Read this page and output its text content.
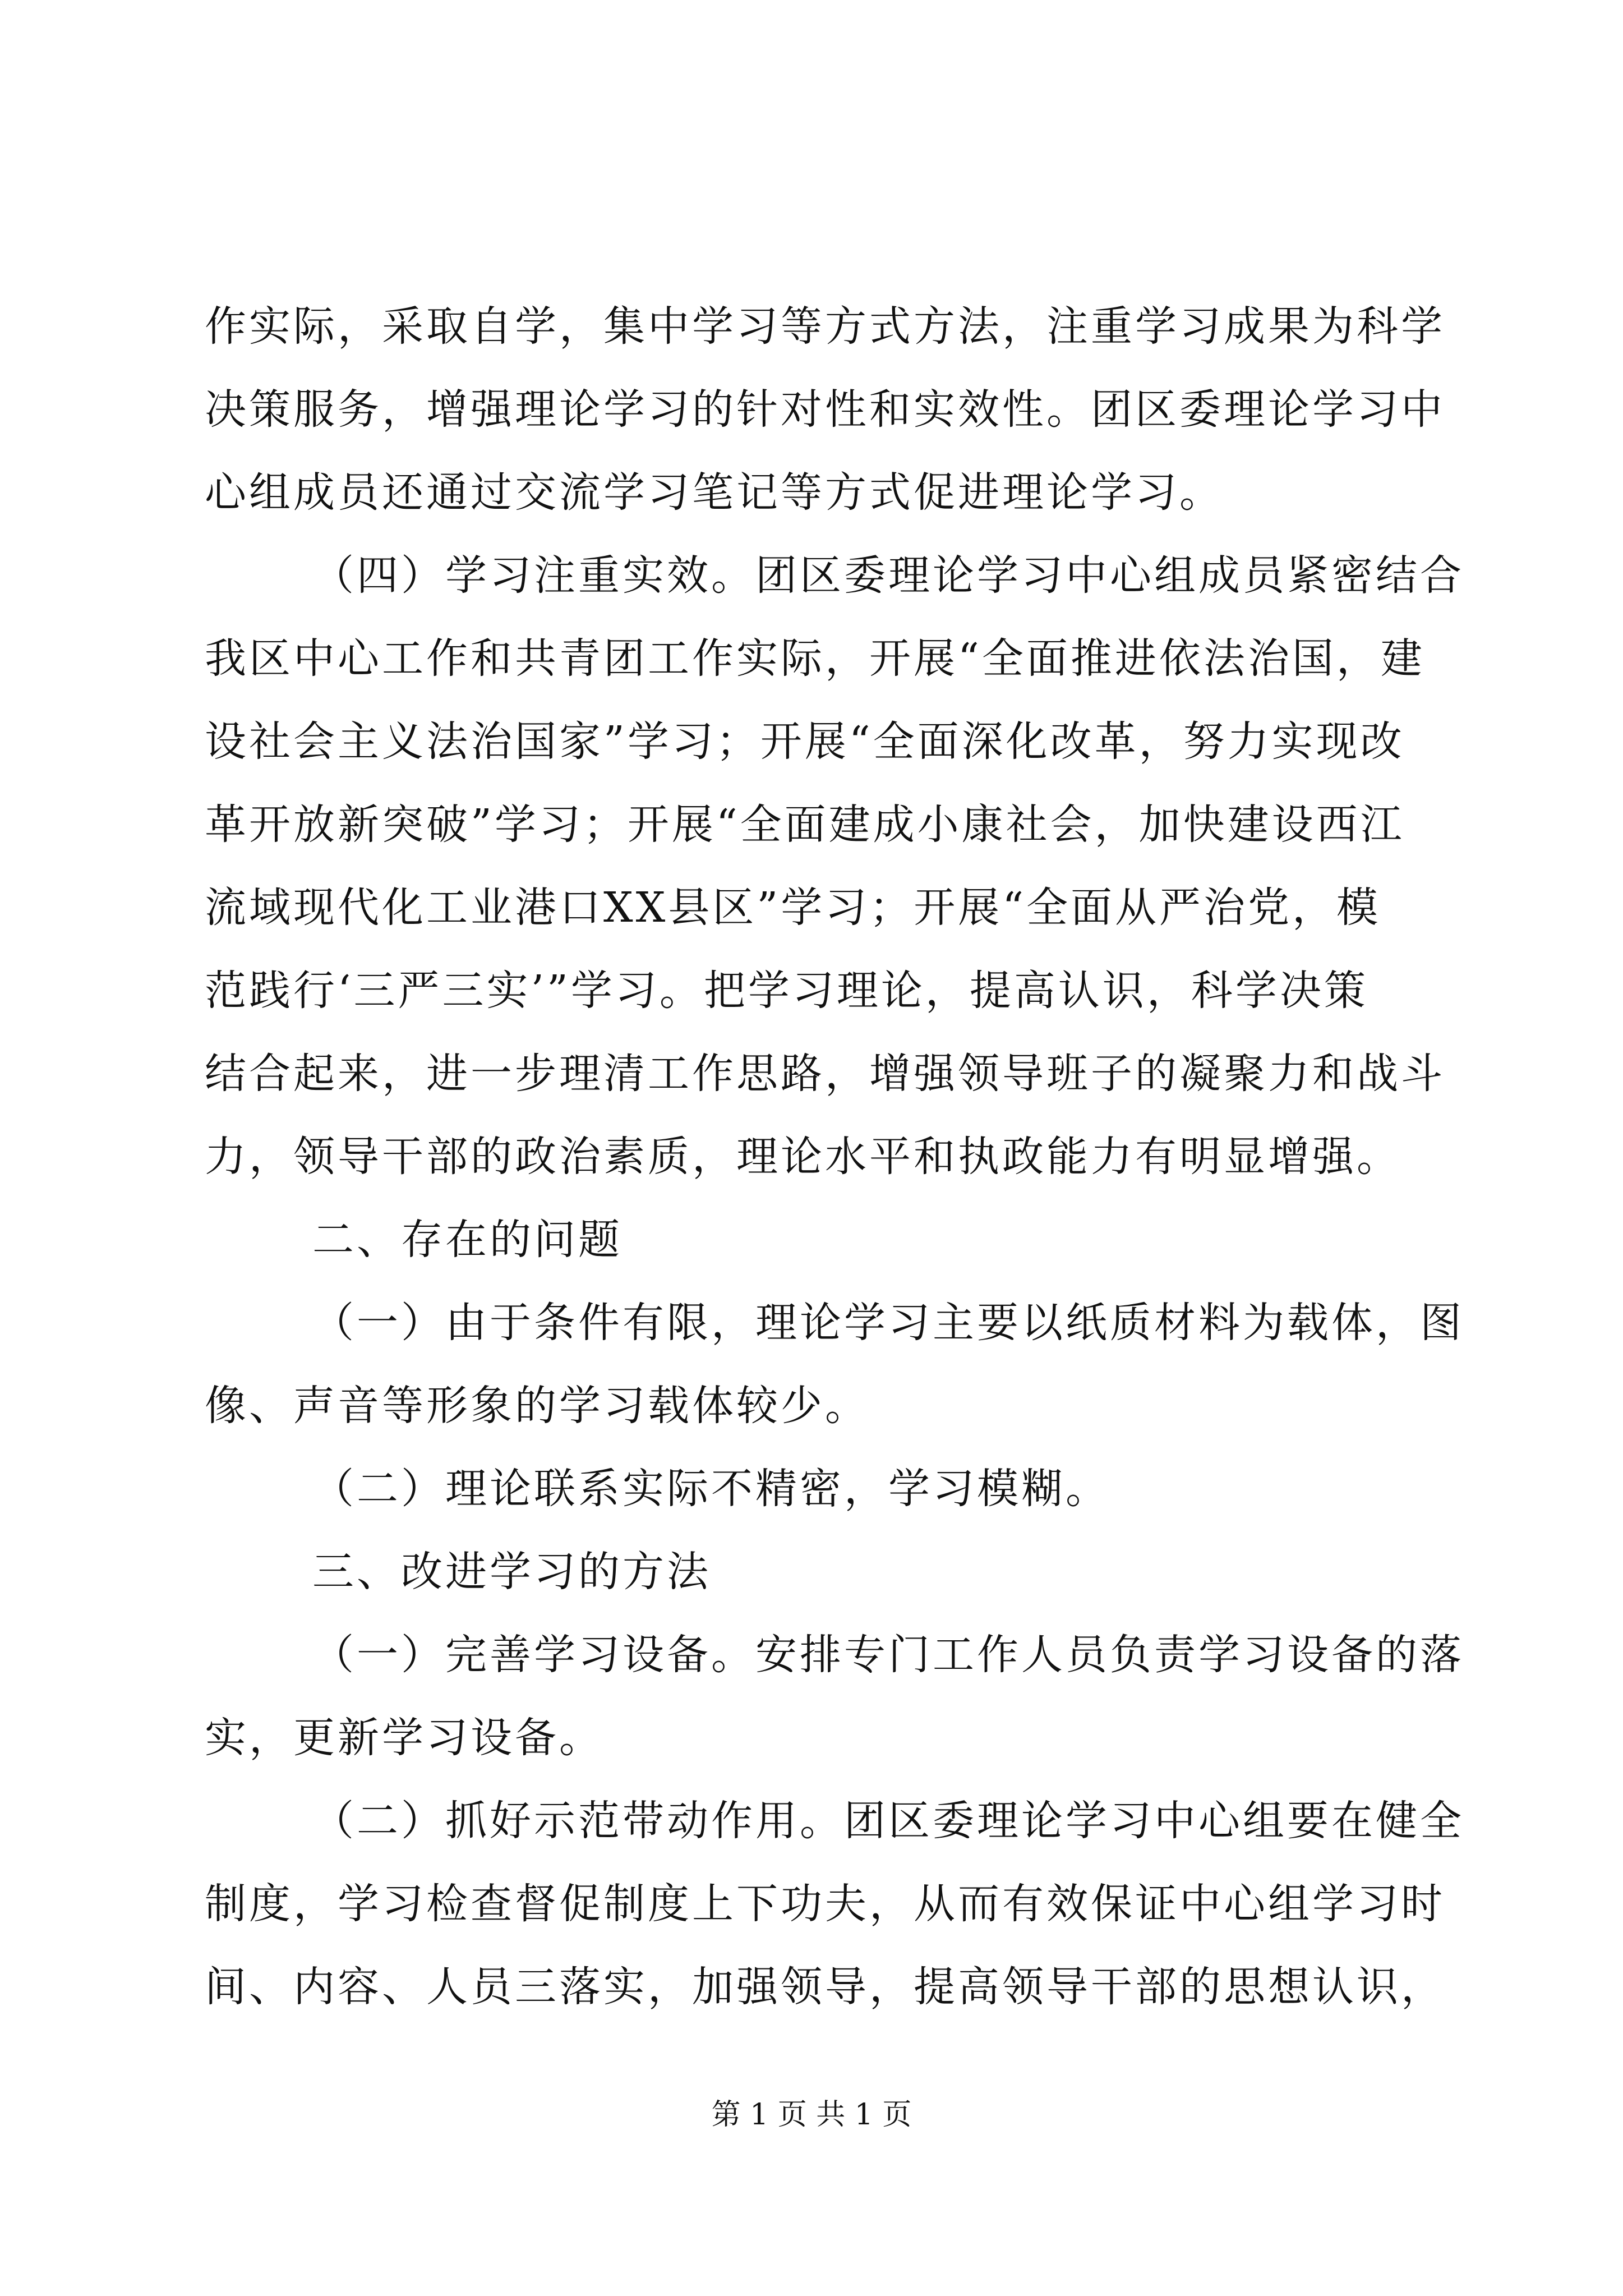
作实际，采取自学，集中学习等方式方法，注重学习成果为科学
决策服务，增强理论学习的针对性和实效性。团区委理论学习中
心组成员还通过交流学习笔记等方式促进理论学习。
（四）学习注重实效。团区委理论学习中心组成员紧密结合
我区中心工作和共青团工作实际，开展“全面推进依法治国，建
设社会主义法治国家”学习；开展“全面深化改革，努力实现改
革开放新突破”学习；开展“全面建成小康社会，加快建设西江
流域现代化工业港口XX县区”学习；开展“全面从严治党，模
范践行‘三严三实’”学习。把学习理论，提高认识，科学决策
结合起来，进一步理清工作思路，增强领导班子的凝聚力和战斗
力，领导干部的政治素质，理论水平和执政能力有明显增强。
二、存在的问题
（一）由于条件有限，理论学习主要以纸质材料为载体，图
像、声音等形象的学习载体较少。
（二）理论联系实际不精密，学习模糊。
三、改进学习的方法
（一）完善学习设备。安排专门工作人员负责学习设备的落
实，更新学习设备。
（二）抓好示范带动作用。团区委理论学习中心组要在健全
制度，学习检查督促制度上下功夫，从而有效保证中心组学习时
间、内容、人员三落实，加强领导，提高领导干部的思想认识，
第 1 页 共 1 页
